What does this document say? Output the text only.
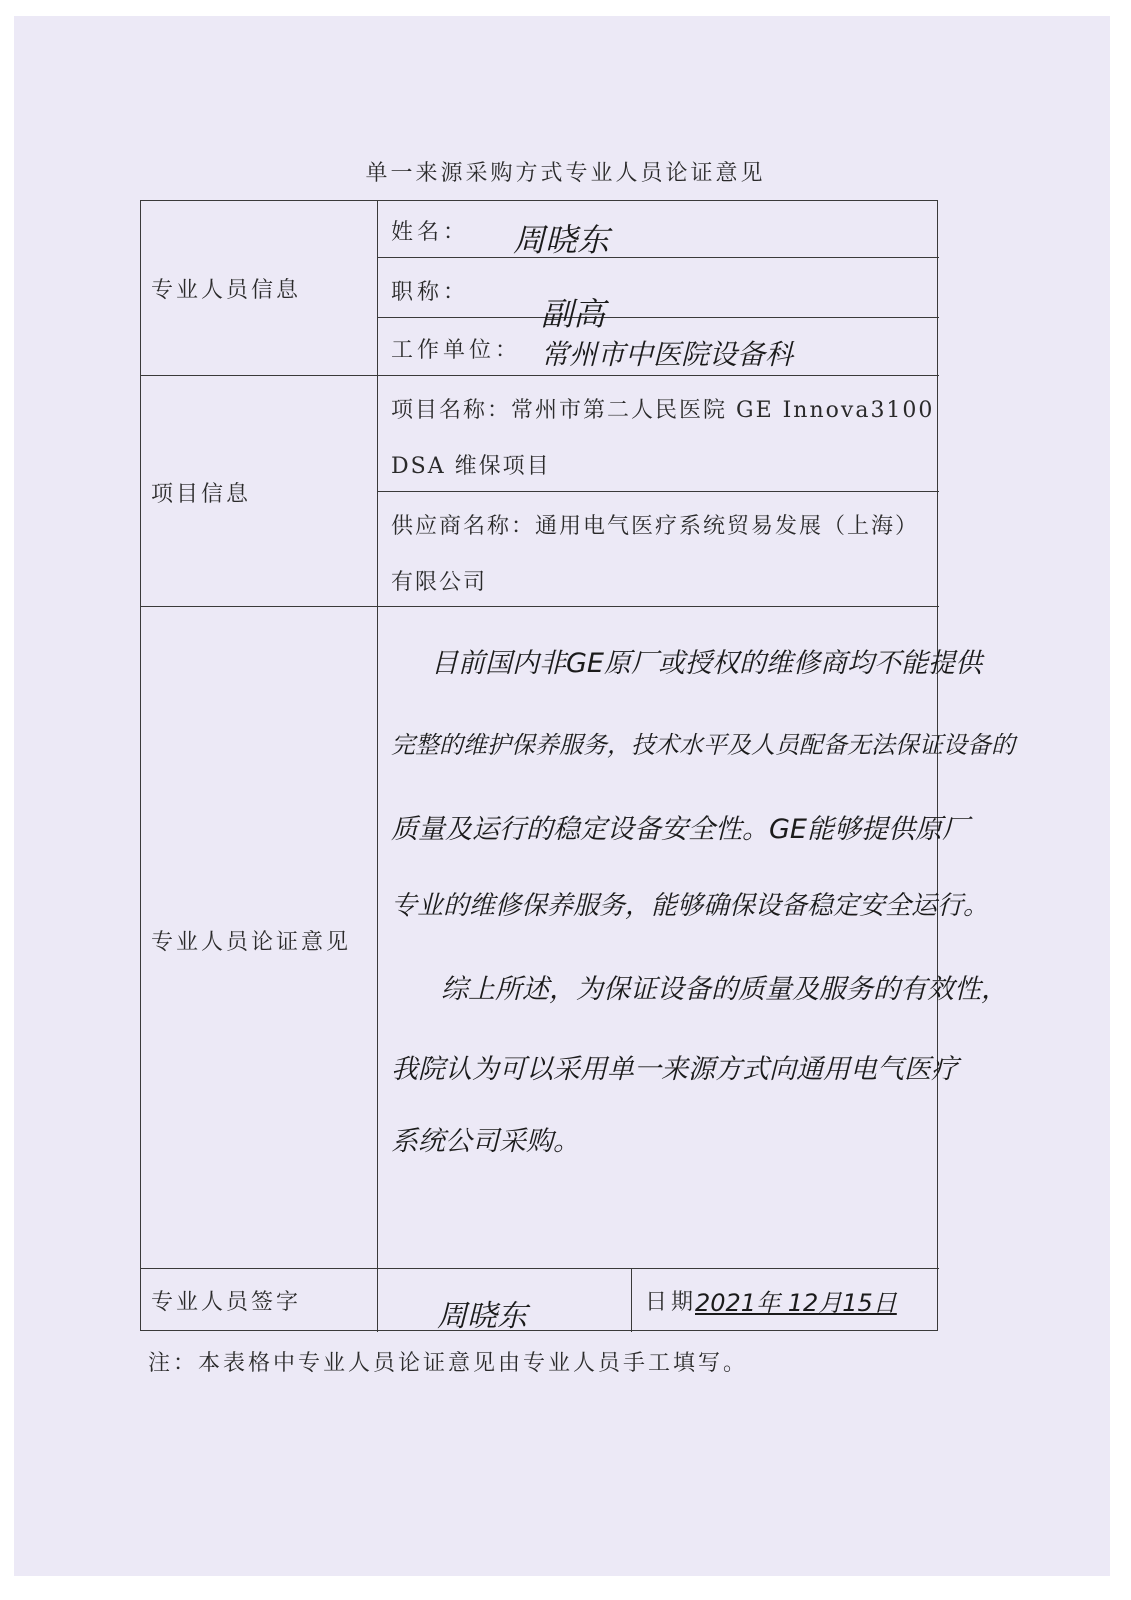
单一来源采购方式专业人员论证意见
专业人员信息
项目信息
专业人员论证意见
专业人员签字
姓名： 周晓东
职称：
副高
工作单位： 常州市中医院设备科
项目名称：常州市第二人民医院 GE Innova3100
DSA 维保项目
供应商名称：通用电气医疗系统贸易发展（上海）
有限公司
目前国内非GE原厂或授权的维修商均不能提供
完整的维护保养服务，技术水平及人员配备无法保证设备的
质量及运行的稳定设备安全性。GE能够提供原厂
专业的维修保养服务，能够确保设备稳定安全运行。
综上所述，为保证设备的质量及服务的有效性，
我院认为可以采用单一来源方式向通用电气医疗
系统公司采购。
周晓东	日期
2021年 12月15日
注：本表格中专业人员论证意见由专业人员手工填写。
